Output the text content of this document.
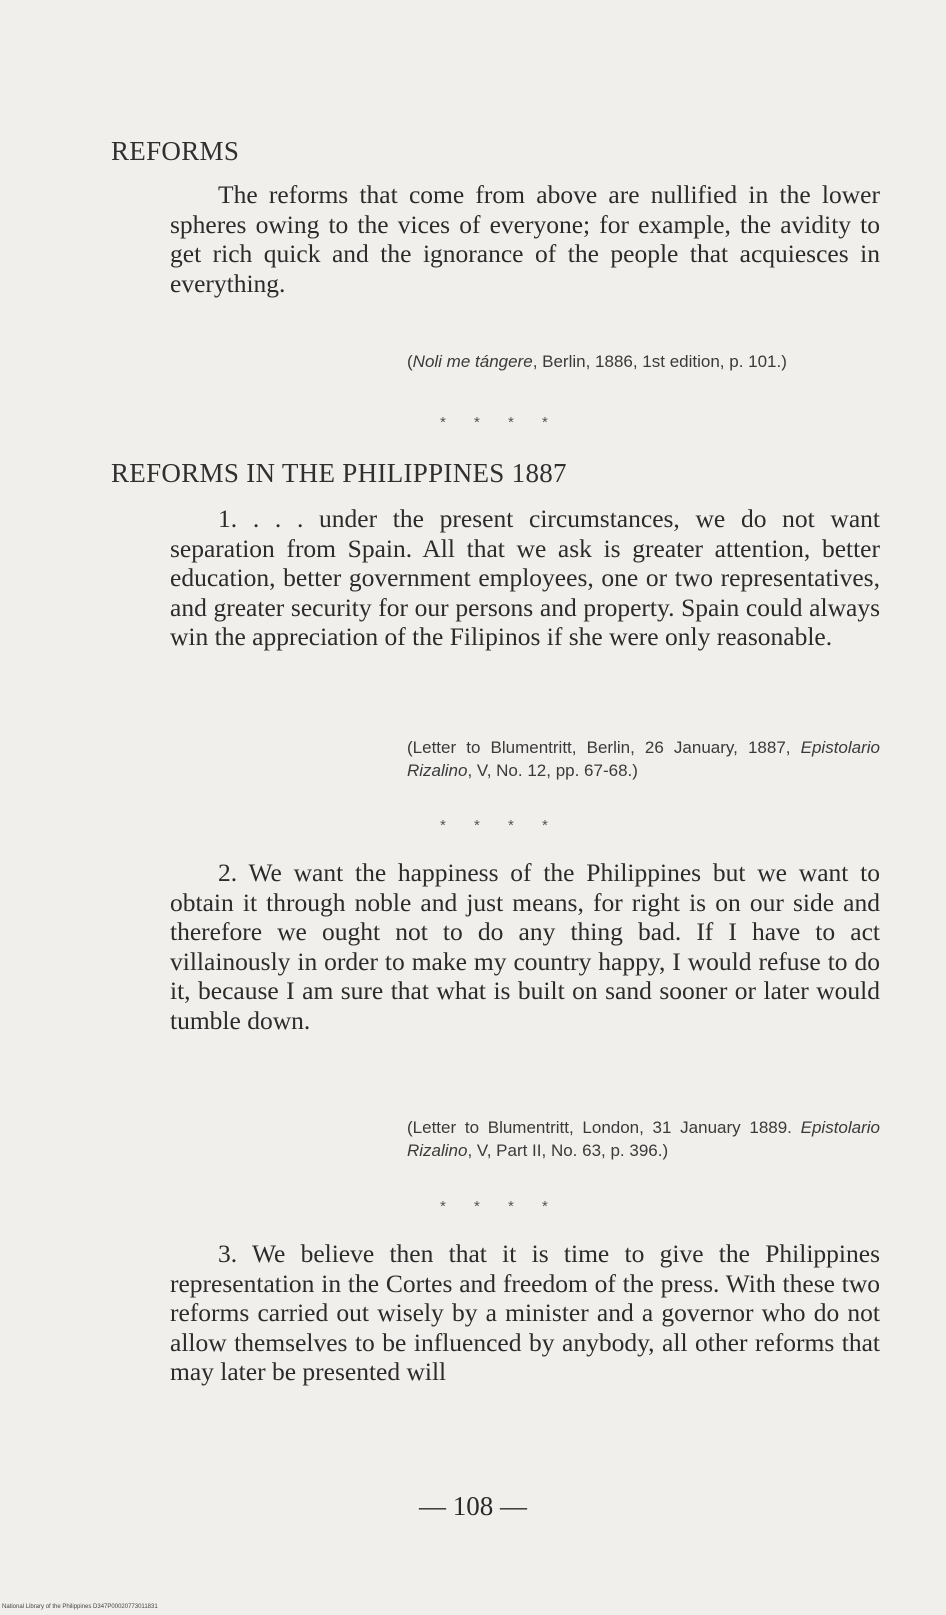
REFORMS
The reforms that come from above are nullified in the lower spheres owing to the vices of everyone; for example, the avidity to get rich quick and the ignorance of the people that acquiesces in everything.
(Noli me tángere, Berlin, 1886, 1st edition, p. 101.)
* * * *
REFORMS IN THE PHILIPPINES 1887
1. . . . under the present circumstances, we do not want separation from Spain. All that we ask is greater attention, better education, better government employees, one or two representatives, and greater security for our persons and property. Spain could always win the appreciation of the Filipinos if she were only reasonable.
(Letter to Blumentritt, Berlin, 26 January, 1887, Epistolario Rizalino, V, No. 12, pp. 67-68.)
* * * *
2. We want the happiness of the Philippines but we want to obtain it through noble and just means, for right is on our side and therefore we ought not to do any thing bad. If I have to act villainously in order to make my country happy, I would refuse to do it, because I am sure that what is built on sand sooner or later would tumble down.
(Letter to Blumentritt, London, 31 January 1889. Epistolario Rizalino, V, Part II, No. 63, p. 396.)
* * * *
3. We believe then that it is time to give the Philippines representation in the Cortes and freedom of the press. With these two reforms carried out wisely by a minister and a governor who do not allow themselves to be influenced by anybody, all other reforms that may later be presented will
— 108 —
National Library of the Philippines D347P00020773011831
